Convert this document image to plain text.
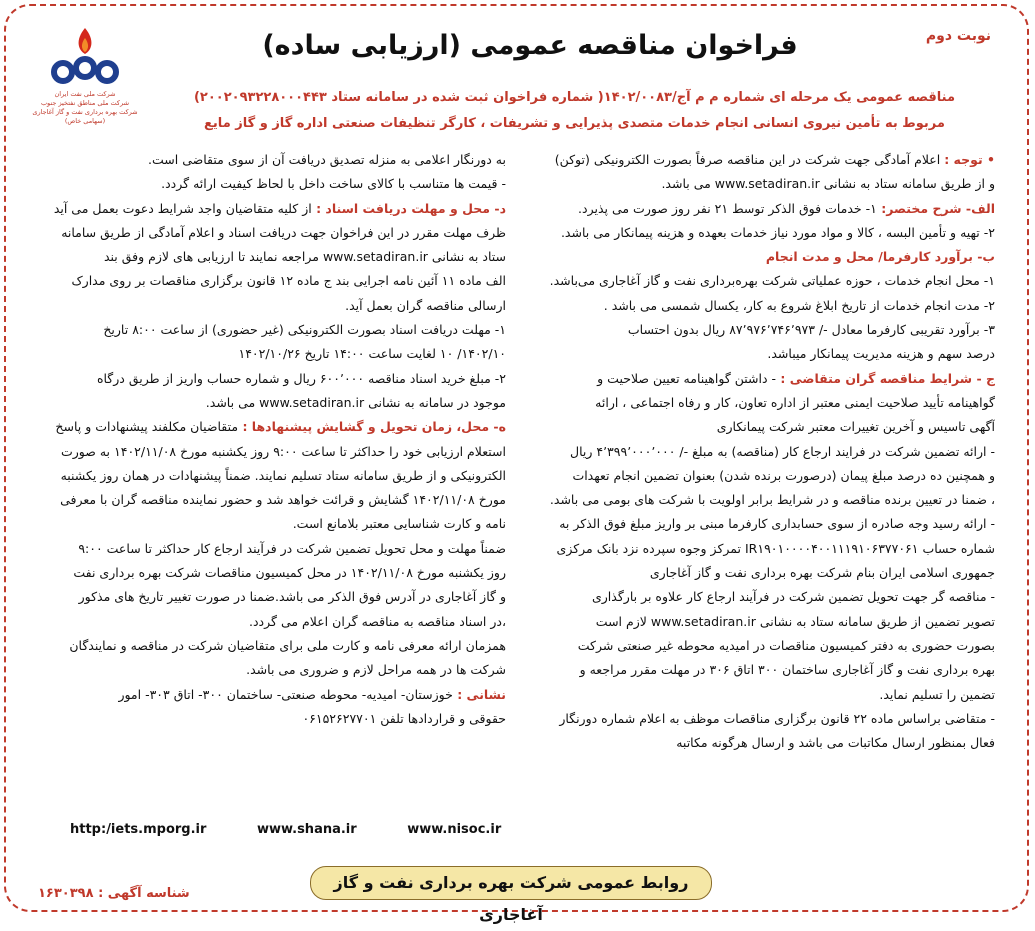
نوبت دوم
فراخوان مناقصه عمومی (ارزیابی ساده)
مناقصه عمومی یک مرحله ای شماره م م آج/۱۴۰۲/۰۰۸۳( شماره فراخوان ثبت شده در سامانه ستاد ۲۰۰۲۰۹۳۲۲۸۰۰۰۴۴۳)
مربوط به تأمین نیروی انسانی انجام خدمات متصدی پذیرایی و تشریفات ، کارگر تنظیفات صنعتی اداره گاز و گاز مایع
شرکت ملی نفت ایران
شرکت ملی مناطق نفتخیز جنوب
شرکت بهره برداری نفت و گاز آغاجاری
(سهامی خاص)

• توجه : اعلام آمادگی جهت شرکت در این مناقصه صرفاً بصورت الکترونیکی (توکن)

و از طریق سامانه ستاد به نشانی www.setadiran.ir می باشد.

الف- شرح مختصر: ۱- خدمات فوق الذکر توسط ۲۱ نفر روز صورت می پذیرد.

۲- تهیه و تأمین البسه ، کالا و مواد مورد نیاز خدمات بعهده و هزینه پیمانکار می باشد.

ب- برآورد کارفرما/ محل و مدت انجام

۱- محل انجام خدمات ، حوزه عملیاتی شرکت بهره‌برداری نفت و گاز آغاجاری می‌باشد.

۲- مدت انجام خدمات از تاریخ ابلاغ شروع به کار، یکسال شمسی می باشد .

۳- برآورد تقریبی کارفرما معادل -/ ۸۷٬۹۷۶٬۷۴۶٬۹۷۳ ریال بدون احتساب

درصد سهم و هزینه مدیریت پیمانکار میباشد.

ج - شرایط مناقصه گران متقاضی : - داشتن گواهینامه تعیین صلاحیت و

گواهینامه تأیید صلاحیت ایمنی معتبر از اداره تعاون، کار و رفاه اجتماعی ، ارائه

آگهی تاسیس و آخرین تغییرات معتبر شرکت پیمانکاری

- ارائه تضمین شرکت در فرایند ارجاع کار (مناقصه) به مبلغ -/ ۴٬۳۹۹٬۰۰۰٬۰۰۰ ریال

و همچنین ده درصد مبلغ پیمان (درصورت برنده شدن) بعنوان تضمین انجام تعهدات

، ضمنا در تعیین برنده مناقصه و در شرایط برابر اولویت با شرکت های بومی می باشد.

- ارائه رسید وجه صادره از سوی حسابداری کارفرما مبنی بر واریز مبلغ فوق الذکر به

شماره حساب IR۱۹۰۱۰۰۰۰۴۰۰۱۱۱۹۱۰۶۳۷۷۰۶۱ تمرکز وجوه سپرده نزد بانک مرکزی

جمهوری اسلامی ایران بنام شرکت بهره برداری نفت و گاز آغاجاری

- مناقصه گر جهت تحویل تضمین شرکت در فرآیند ارجاع کار علاوه بر بارگذاری

تصویر تضمین از طریق سامانه ستاد به نشانی www.setadiran.ir لازم است

بصورت حضوری به دفتر کمیسیون مناقصات در امیدیه محوطه غیر صنعتی شرکت

بهره برداری نفت و گاز آغاجاری ساختمان ۳۰۰ اتاق ۳۰۶ در مهلت مقرر مراجعه و

تضمین را تسلیم نماید.

- متقاضی براساس ماده ۲۲ قانون برگزاری مناقصات موظف به اعلام شماره دورنگار

فعال بمنظور ارسال مکاتبات می باشد و ارسال هرگونه مکاتبه

به دورنگار اعلامی به منزله تصدیق دریافت آن از سوی متقاضی است.

- قیمت ها متناسب با کالای ساخت داخل با لحاظ کیفیت ارائه گردد.

د- محل و مهلت دریافت اسناد : از کلیه متقاضیان واجد شرایط دعوت بعمل می آید

ظرف مهلت مقرر در این فراخوان جهت دریافت اسناد و اعلام آمادگی از طریق سامانه

ستاد به نشانی www.setadiran.ir مراجعه نمایند تا ارزیابی های لازم وفق بند

الف ماده ۱۱ آئین نامه اجرایی بند ج ماده ۱۲ قانون برگزاری مناقصات بر روی مدارک

ارسالی مناقصه گران بعمل آید.

۱- مهلت دریافت اسناد بصورت الکترونیکی (غیر حضوری) از ساعت ۸:۰۰ تاریخ

۱۴۰۲/۱۰/ ۱۰ لغایت ساعت ۱۴:۰۰ تاریخ ۱۴۰۲/۱۰/۲۶

۲- مبلغ خرید اسناد مناقصه ۶۰۰٬۰۰۰ ریال و شماره حساب واریز از طریق درگاه

موجود در سامانه به نشانی www.setadiran.ir می باشد.

ه- محل، زمان تحویل و گشایش پیشنهادها : متقاضیان مکلفند پیشنهادات و پاسخ

استعلام ارزیابی خود را حداکثر تا ساعت ۹:۰۰ روز یکشنبه مورخ ۱۴۰۲/۱۱/۰۸ به صورت

الکترونیکی و از طریق سامانه ستاد تسلیم نمایند. ضمناً پیشنهادات در همان روز یکشنبه

مورخ ۱۴۰۲/۱۱/۰۸ گشایش و قرائت خواهد شد و حضور نماینده مناقصه گران با معرفی

نامه و کارت شناسایی معتبر بلامانع است.

ضمناً مهلت و محل تحویل تضمین شرکت در فرآیند ارجاع کار حداکثر تا ساعت ۹:۰۰

روز یکشنبه مورخ ۱۴۰۲/۱۱/۰۸ در محل کمیسیون مناقصات شرکت بهره برداری نفت

و گاز آغاجاری در آدرس فوق الذکر می باشد.ضمنا در صورت تغییر تاریخ های مذکور

،در اسناد مناقصه به مناقصه گران اعلام می گردد.

همزمان ارائه معرفی نامه و کارت ملی برای متقاضیان شرکت در مناقصه و نمایندگان

شرکت ها در همه مراحل لازم و ضروری می باشد.

نشانی : خوزستان- امیدیه- محوطه صنعتی- ساختمان ۳۰۰- اتاق ۳۰۳- امور

حقوقی و قراردادها تلفن ۰۶۱۵۲۶۲۷۷۰۱

http:/iets.mporg.ir	www.shana.ir	www.nisoc.ir
روابط عمومی شرکت بهره برداری نفت و گاز آغاجاری
شناسه آگهی : ۱۶۳۰۳۹۸
